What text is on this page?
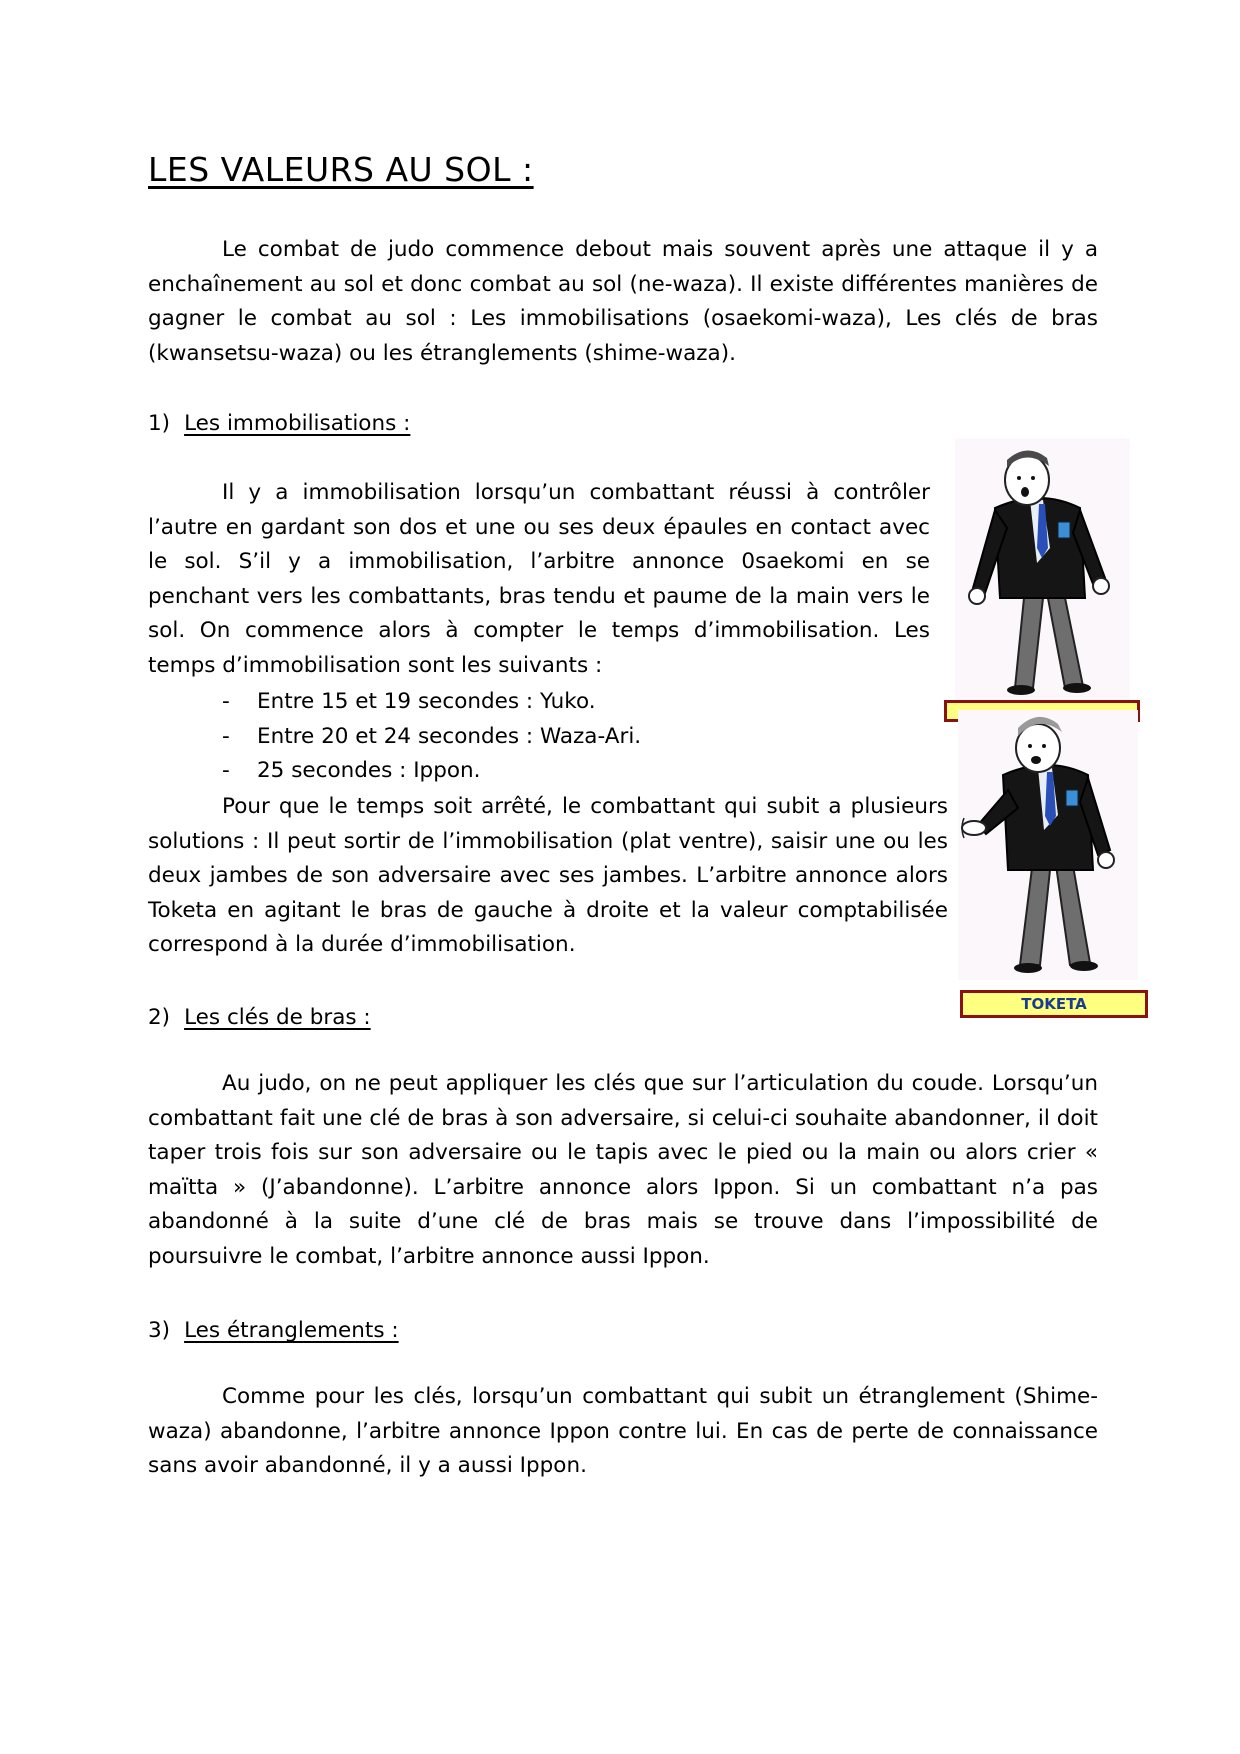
LES VALEURS AU SOL :

Le combat de judo commence debout mais souvent après une attaque il y a enchaînement au sol et donc combat au sol (ne-waza). Il existe différentes manières de gagner le combat au sol : Les immobilisations (osaekomi-waza), Les clés de bras (kwansetsu-waza) ou les étranglements (shime-waza).

1) Les immobilisations :

Il y a immobilisation lorsqu’un combattant réussi à contrôler l’autre en gardant son dos et une ou ses deux épaules en contact avec le sol. S’il y a immobilisation, l’arbitre annonce 0saekomi en se penchant vers les combattants, bras tendu et paume de la main vers le sol. On commence alors à compter le temps d’immobilisation. Les temps d’immobilisation sont les suivants :

- Entre 15 et 19 secondes : Yuko.
- Entre 20 et 24 secondes : Waza-Ari.
- 25 secondes : Ippon.

Pour que le temps soit arrêté, le combattant qui subit a plusieurs solutions : Il peut sortir de l’immobilisation (plat ventre), saisir une ou les deux jambes de son adversaire avec ses jambes. L’arbitre annonce alors Toketa en agitant le bras de gauche à droite et la valeur comptabilisée correspond à la durée d’immobilisation.

2) Les clés de bras :

Au judo, on ne peut appliquer les clés que sur l’articulation du coude. Lorsqu’un combattant fait une clé de bras à son adversaire, si celui-ci souhaite abandonner, il doit taper trois fois sur son adversaire ou le tapis avec le pied ou la main ou alors crier « maïtta » (J’abandonne). L’arbitre annonce alors Ippon. Si un combattant n’a pas abandonné à la suite d’une clé de bras mais se trouve dans l’impossibilité de poursuivre le combat, l’arbitre annonce aussi Ippon.

3) Les étranglements :

Comme pour les clés, lorsqu’un combattant qui subit un étranglement (Shime-waza) abandonne, l’arbitre annonce Ippon contre lui. En cas de perte de connaissance sans avoir abandonné, il y a aussi Ippon.

TOKETA
